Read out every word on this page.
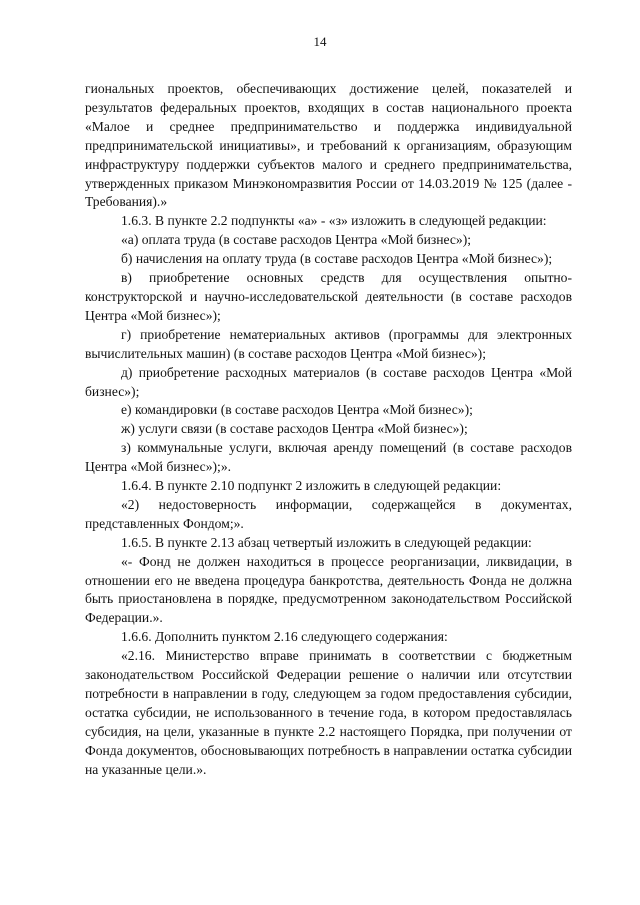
14

гиональных проектов, обеспечивающих достижение целей, показателей и результатов федеральных проектов, входящих в состав национального проекта «Малое и среднее предпринимательство и поддержка индивидуальной предпринимательской инициативы», и требований к организациям, образующим инфраструктуру поддержки субъектов малого и среднего предпринимательства, утвержденных приказом Минэкономразвития России от 14.03.2019 № 125 (далее - Требования).»

1.6.3. В пункте 2.2 подпункты «а» - «з» изложить в следующей редакции:

«а) оплата труда (в составе расходов Центра «Мой бизнес»);

б) начисления на оплату труда (в составе расходов Центра «Мой бизнес»);

в) приобретение основных средств для осуществления опытно-конструкторской и научно-исследовательской деятельности (в составе расходов Центра «Мой бизнес»);

г) приобретение нематериальных активов (программы для электронных вычислительных машин) (в составе расходов Центра «Мой бизнес»);

д) приобретение расходных материалов (в составе расходов Центра «Мой бизнес»);

е) командировки (в составе расходов Центра «Мой бизнес»);

ж) услуги связи (в составе расходов Центра «Мой бизнес»);

з) коммунальные услуги, включая аренду помещений (в составе расходов Центра «Мой бизнес»);».

1.6.4. В пункте 2.10 подпункт 2 изложить в следующей редакции:

«2) недостоверность информации, содержащейся в документах, представленных Фондом;».

1.6.5. В пункте 2.13 абзац четвертый изложить в следующей редакции:

«- Фонд не должен находиться в процессе реорганизации, ликвидации, в отношении его не введена процедура банкротства, деятельность Фонда не должна быть приостановлена в порядке, предусмотренном законодательством Российской Федерации.».

1.6.6. Дополнить пунктом 2.16 следующего содержания:

«2.16. Министерство вправе принимать в соответствии с бюджетным законодательством Российской Федерации решение о наличии или отсутствии потребности в направлении в году, следующем за годом предоставления субсидии, остатка субсидии, не использованного в течение года, в котором предоставлялась субсидия, на цели, указанные в пункте 2.2 настоящего Порядка, при получении от Фонда документов, обосновывающих потребность в направлении остатка субсидии на указанные цели.».
